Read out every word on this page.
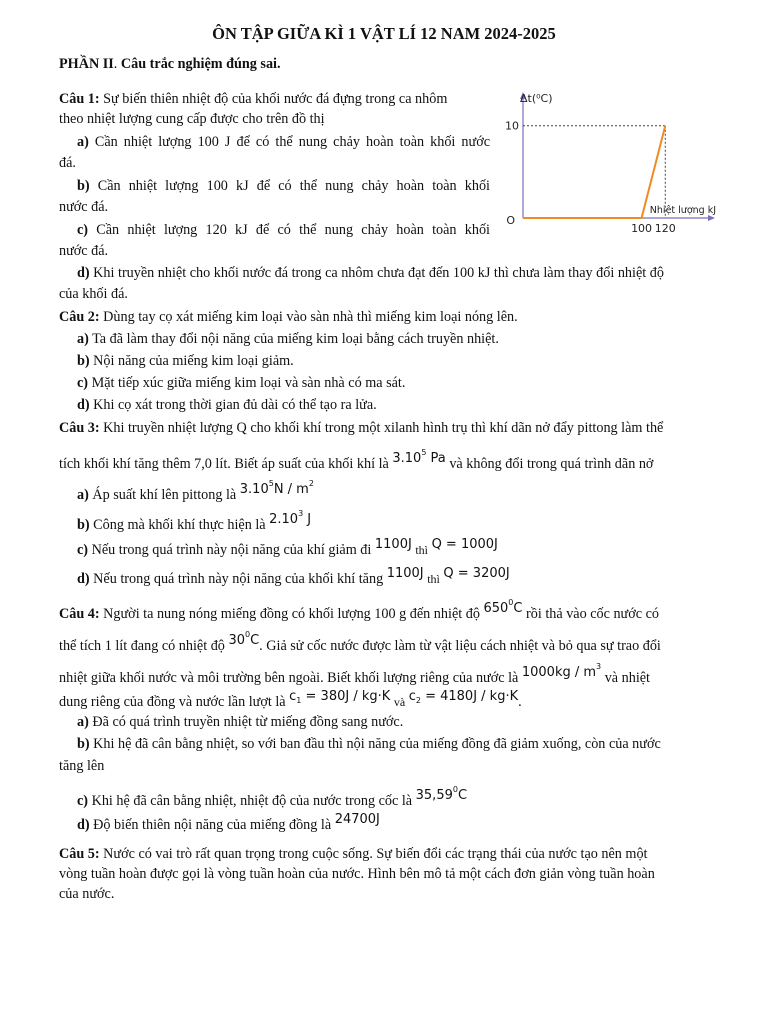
ÔN TẬP GIỮA KÌ 1 VẬT LÍ 12 NAM 2024-2025
PHẦN II. Câu trắc nghiệm đúng sai.
Câu 1: Sự biến thiên nhiệt độ của khối nước đá đựng trong ca nhôm
theo nhiệt lượng cung cấp được cho trên đồ thị
a) Cần nhiệt lượng 100 J để có thể nung chảy hoàn toàn khối nước
đá.
b) Cần nhiệt lượng 100 kJ để có thể nung chảy hoàn toàn khối
nước đá.
c) Cần nhiệt lượng 120 kJ để có thể nung chảy hoàn toàn khối
nước đá.
d) Khi truyền nhiệt cho khối nước đá trong ca nhôm chưa đạt đến 100 kJ thì chưa làm thay đổi nhiệt độ
của khối đá.
Δt(⁰C)
Nhiệt lượng kJ
O
100 120
10
Câu 2: Dùng tay cọ xát miếng kim loại vào sàn nhà thì miếng kim loại nóng lên.
a) Ta đã làm thay đổi nội năng của miếng kim loại bằng cách truyền nhiệt.
b) Nội năng của miếng kim loại giảm.
c) Mặt tiếp xúc giữa miếng kim loại và sàn nhà có ma sát.
d) Khi cọ xát trong thời gian đủ dài có thể tạo ra lửa.
Câu 3: Khi truyền nhiệt lượng Q cho khối khí trong một xilanh hình trụ thì khí dãn nở đẩy pittong làm thể
tích khối khí tăng thêm 7,0 lít. Biết áp suất của khối khí là 3.10$^5$ Pa và không đổi trong quá trình dãn nở
a) Áp suất khí lên pittong là $3.10^5N / m^2$
b) Công mà khối khí thực hiện là 2.10$^3$ J
c) Nếu trong quá trình này nội năng của khí giảm đi 1100J thì Q = 1000J
d) Nếu trong quá trình này nội năng của khối khí tăng 1100J thì Q = 3200J
Câu 4: Người ta nung nóng miếng đồng có khối lượng 100 g đến nhiệt độ $650^0C$ rồi thả vào cốc nước có
thể tích 1 lít đang có nhiệt độ $30^0C$. Giả sử cốc nước được làm từ vật liệu cách nhiệt và bỏ qua sự trao đổi
nhiệt giữa khối nước và môi trường bên ngoài. Biết khối lượng riêng của nước là $1000kg / m^3$ và nhiệt
dung riêng của đồng và nước lần lượt là $c_1 = 380J / kg\cdot K$ và $c_2 = 4180J / kg\cdot K$.
a) Đã có quá trình truyền nhiệt từ miếng đồng sang nước.
b) Khi hệ đã cân bằng nhiệt, so với ban đầu thì nội năng của miếng đồng đã giảm xuống, còn của nước
tăng lên
c) Khi hệ đã cân bằng nhiệt, nhiệt độ của nước trong cốc là 35,59$^0$C
d) Độ biến thiên nội năng của miếng đồng là 24700J
Câu 5: Nước có vai trò rất quan trọng trong cuộc sống. Sự biến đổi các trạng thái của nước tạo nên một
vòng tuần hoàn được gọi là vòng tuần hoàn của nước. Hình bên mô tả một cách đơn giản vòng tuần hoàn
của nước.
